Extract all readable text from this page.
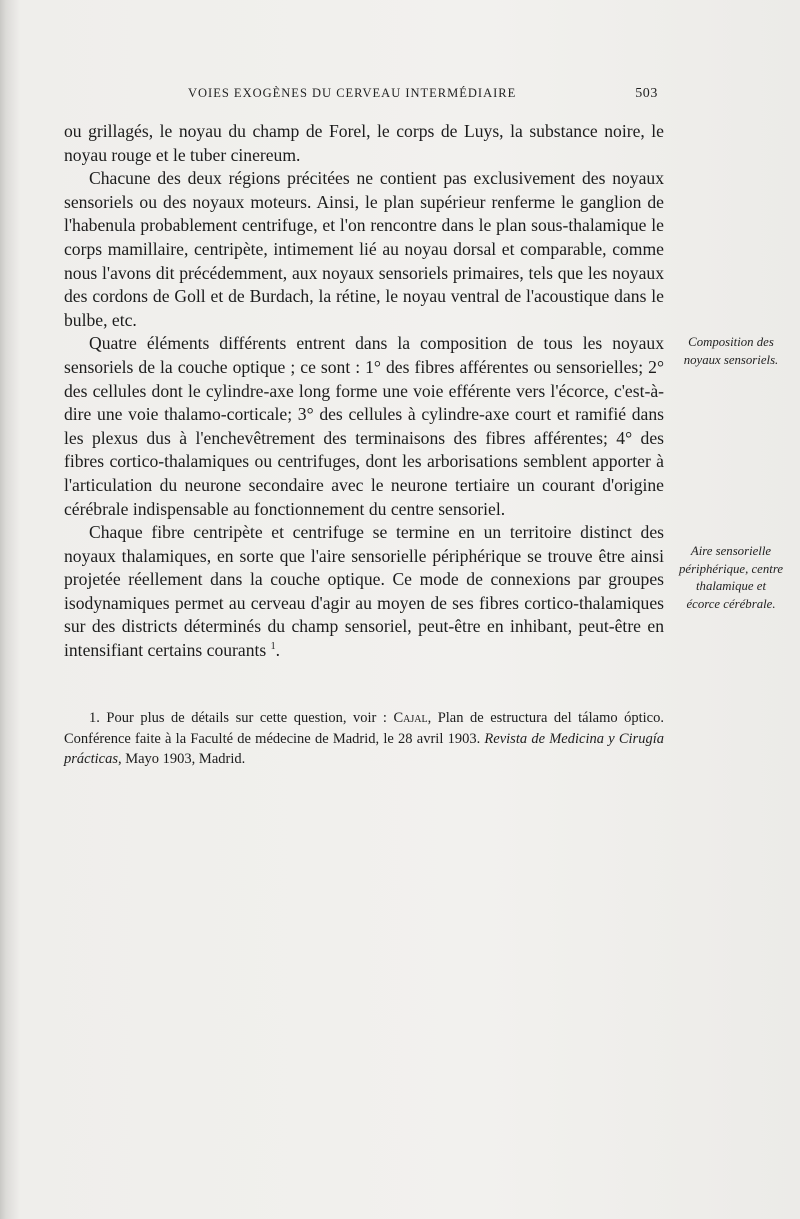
VOIES EXOGÈNES DU CERVEAU INTERMÉDIAIRE	503

ou grillagés, le noyau du champ de Forel, le corps de Luys, la substance noire, le noyau rouge et le tuber cinereum.

Chacune des deux régions précitées ne contient pas exclusivement des noyaux sensoriels ou des noyaux moteurs. Ainsi, le plan supérieur renferme le ganglion de l'habenula probablement centrifuge, et l'on rencontre dans le plan sous-thalamique le corps mamillaire, centripète, intimement lié au noyau dorsal et comparable, comme nous l'avons dit précédemment, aux noyaux sensoriels primaires, tels que les noyaux des cordons de Goll et de Burdach, la rétine, le noyau ventral de l'acoustique dans le bulbe, etc.

Quatre éléments différents entrent dans la composition de tous les noyaux sensoriels de la couche optique ; ce sont : 1° des fibres afférentes ou sensorielles; 2° des cellules dont le cylindre-axe long forme une voie efférente vers l'écorce, c'est-à-dire une voie thalamo-corticale; 3° des cellules à cylindre-axe court et ramifié dans les plexus dus à l'enchevêtrement des terminaisons des fibres afférentes; 4° des fibres cortico-thalamiques ou centrifuges, dont les arborisations semblent apporter à l'articulation du neurone secondaire avec le neurone tertiaire un courant d'origine cérébrale indispensable au fonctionnement du centre sensoriel.

Chaque fibre centripète et centrifuge se termine en un territoire distinct des noyaux thalamiques, en sorte que l'aire sensorielle périphérique se trouve être ainsi projetée réellement dans la couche optique. Ce mode de connexions par groupes isodynamiques permet au cerveau d'agir au moyen de ses fibres cortico-thalamiques sur des districts déterminés du champ sensoriel, peut-être en inhibant, peut-être en intensifiant certains courants $^1$.

Composition des noyaux sensoriels.
Aire sensorielle périphérique, centre thalamique et écorce cérébrale.

1. Pour plus de détails sur cette question, voir : Cajal, Plan de estructura del tálamo óptico. Conférence faite à la Faculté de médecine de Madrid, le 28 avril 1903. Revista de Medicina y Cirugía prácticas, Mayo 1903, Madrid.
